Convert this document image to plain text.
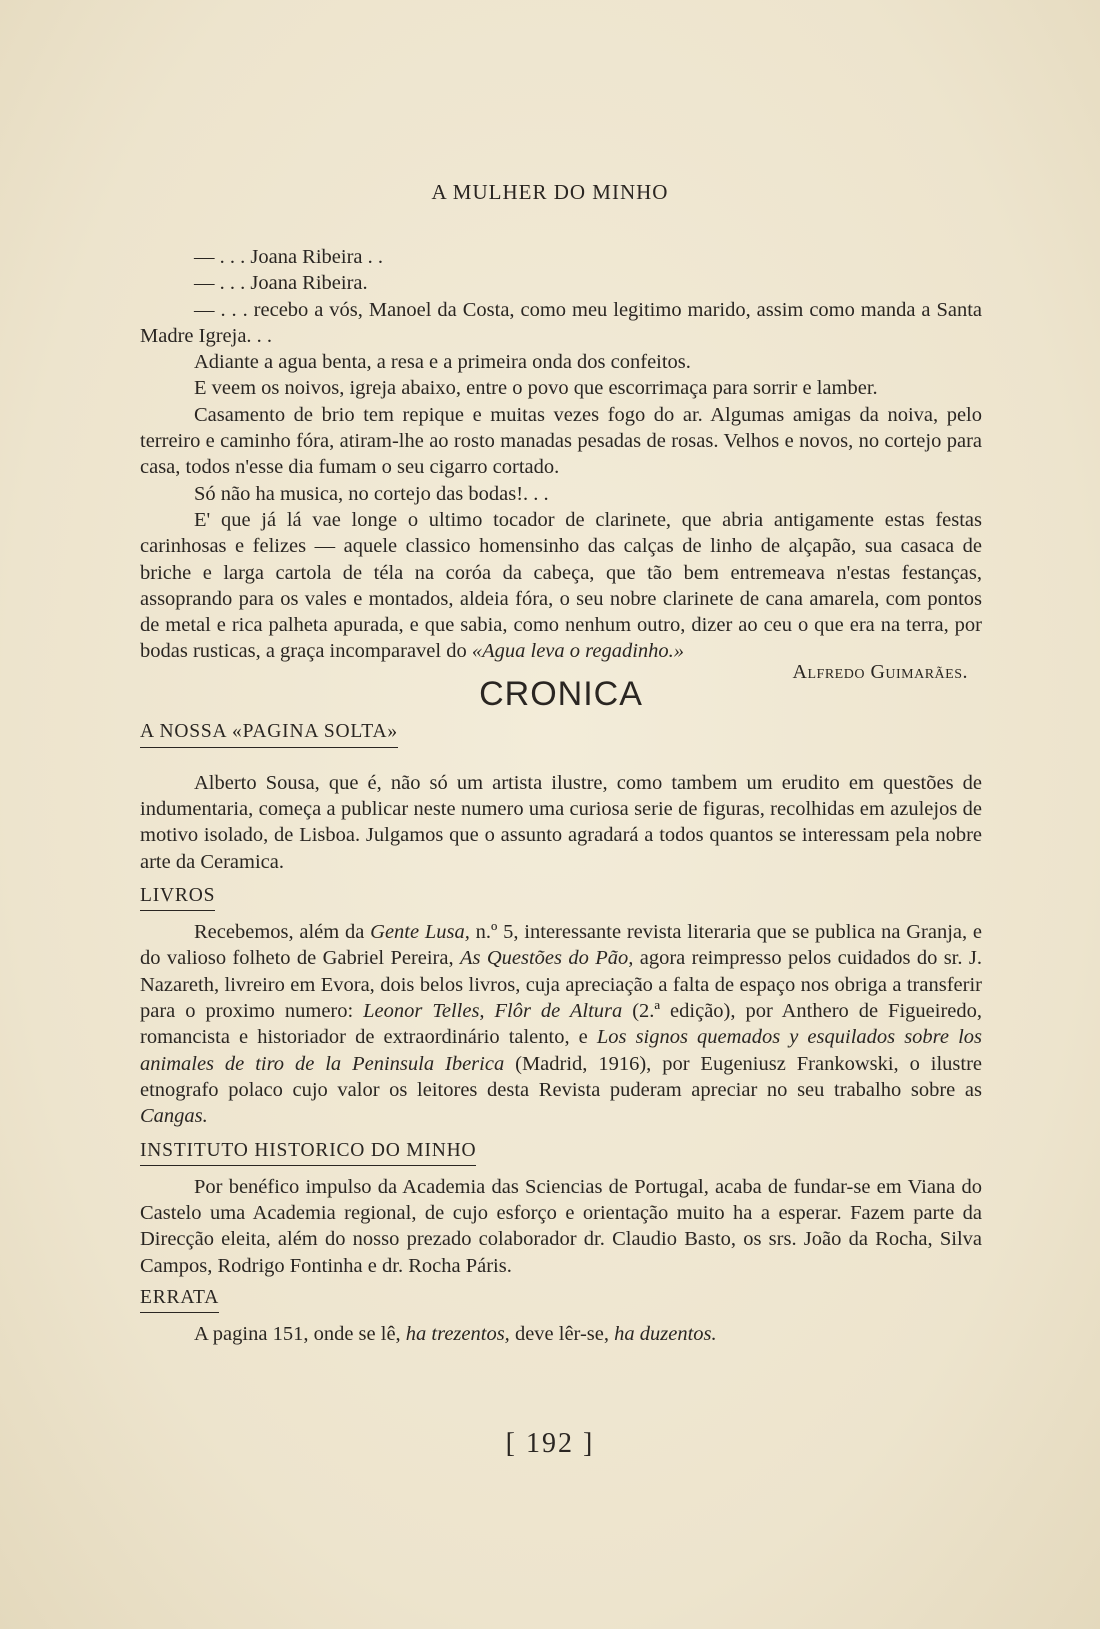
A MULHER DO MINHO

— . . . Joana Ribeira . .

— . . . Joana Ribeira.

— . . . recebo a vós, Manoel da Costa, como meu legitimo marido, assim como manda a Santa Madre Igreja. . .

Adiante a agua benta, a resa e a primeira onda dos confeitos.

E veem os noivos, igreja abaixo, entre o povo que escorrimaça para sorrir e lamber.

Casamento de brio tem repique e muitas vezes fogo do ar. Algumas amigas da noiva, pelo terreiro e caminho fóra, atiram-lhe ao rosto manadas pesadas de rosas. Velhos e novos, no cortejo para casa, todos n'esse dia fumam o seu cigarro cortado.

Só não ha musica, no cortejo das bodas!. . .

E' que já lá vae longe o ultimo tocador de clarinete, que abria antigamente estas festas carinhosas e felizes — aquele classico homensinho das calças de linho de alçapão, sua casaca de briche e larga cartola de téla na coróa da cabeça, que tão bem entremeava n'estas festanças, assoprando para os vales e montados, aldeia fóra, o seu nobre clarinete de cana amarela, com pontos de metal e rica palheta apurada, e que sabia, como nenhum outro, dizer ao ceu o que era na terra, por bodas rusticas, a graça incomparavel do «Agua leva o regadinho.»

Alfredo Guimarães.
CRONICA
A NOSSA «PAGINA SOLTA»

Alberto Sousa, que é, não só um artista ilustre, como tambem um erudito em questões de indumentaria, começa a publicar neste numero uma curiosa serie de figuras, recolhidas em azulejos de motivo isolado, de Lisboa. Julgamos que o assunto agradará a todos quantos se interessam pela nobre arte da Ceramica.

LIVROS

Recebemos, além da Gente Lusa, n.º 5, interessante revista literaria que se publica na Granja, e do valioso folheto de Gabriel Pereira, As Questões do Pão, agora reimpresso pelos cuidados do sr. J. Nazareth, livreiro em Evora, dois belos livros, cuja apreciação a falta de espaço nos obriga a transferir para o proximo numero: Leonor Telles, Flôr de Altura (2.ª edição), por Anthero de Figueiredo, romancista e historiador de extraordinário talento, e Los signos quemados y esquilados sobre los animales de tiro de la Peninsula Iberica (Madrid, 1916), por Eugeniusz Frankowski, o ilustre etnografo polaco cujo valor os leitores desta Revista puderam apreciar no seu trabalho sobre as Cangas.

INSTITUTO HISTORICO DO MINHO

Por benéfico impulso da Academia das Sciencias de Portugal, acaba de fundar-se em Viana do Castelo uma Academia regional, de cujo esforço e orientação muito ha a esperar. Fazem parte da Direcção eleita, além do nosso prezado colaborador dr. Claudio Basto, os srs. João da Rocha, Silva Campos, Rodrigo Fontinha e dr. Rocha Páris.

ERRATA

A pagina 151, onde se lê, ha trezentos, deve lêr-se, ha duzentos.

[ 192 ]
